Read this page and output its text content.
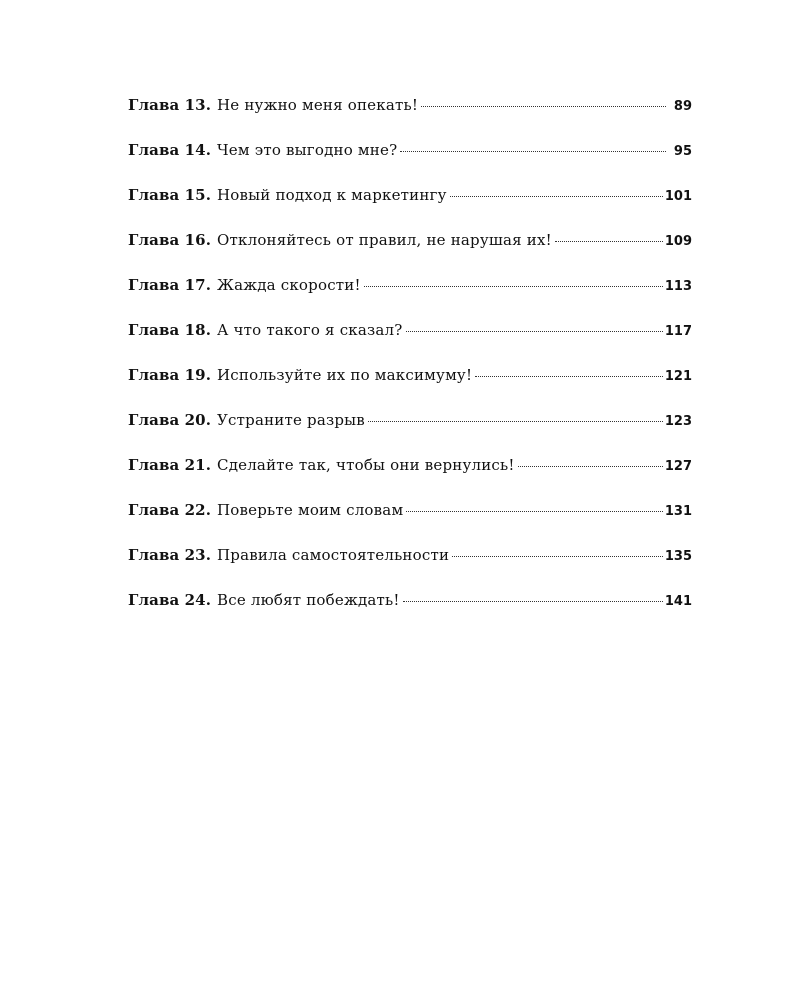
Глава 13. Не нужно меня опекать!	89
Глава 14. Чем это выгодно мне?	95
Глава 15. Новый подход к маркетингу	101
Глава 16. Отклоняйтесь от правил, не нарушая их!	109
Глава 17. Жажда скорости!	113
Глава 18. А что такого я сказал?	117
Глава 19. Используйте их по максимуму!	121
Глава 20. Устраните разрыв	123
Глава 21. Сделайте так, чтобы они вернулись!	127
Глава 22. Поверьте моим словам	131
Глава 23. Правила самостоятельности	135
Глава 24. Все любят побеждать!	141
